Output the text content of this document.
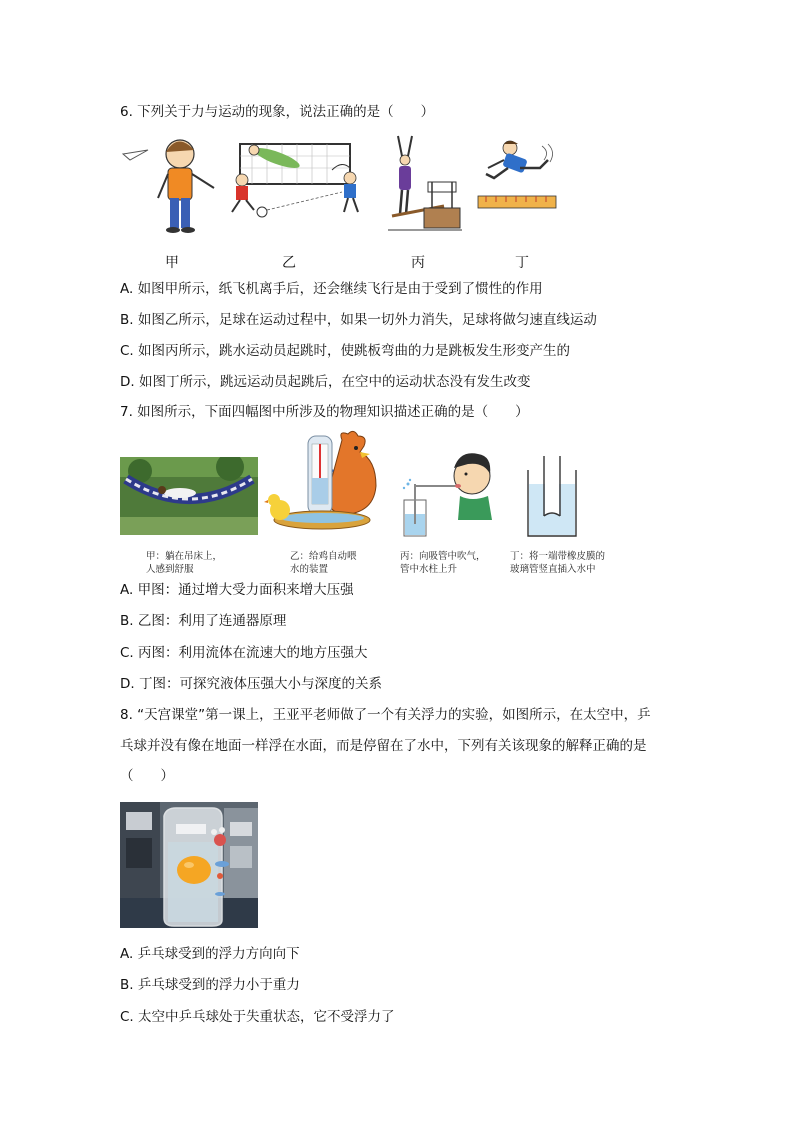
6. 下列关于力与运动的现象，说法正确的是（　　）
甲	乙	丙	丁
A. 如图甲所示，纸飞机离手后，还会继续飞行是由于受到了惯性的作用
B. 如图乙所示，足球在运动过程中，如果一切外力消失，足球将做匀速直线运动
C. 如图丙所示，跳水运动员起跳时，使跳板弯曲的力是跳板发生形变产生的
D. 如图丁所示，跳远运动员起跳后，在空中的运动状态没有发生改变
7. 如图所示，下面四幅图中所涉及的物理知识描述正确的是（　　）
甲：躺在吊床上，
人感到舒服
乙：给鸡自动喂
水的装置
丙：向吸管中吹气，
管中水柱上升
丁：将一端带橡皮膜的
玻璃管竖直插入水中
A. 甲图：通过增大受力面积来增大压强
B. 乙图：利用了连通器原理
C. 丙图：利用流体在流速大的地方压强大
D. 丁图：可探究液体压强大小与深度的关系
8. “天宫课堂”第一课上，王亚平老师做了一个有关浮力的实验，如图所示，在太空中，乒
乓球并没有像在地面一样浮在水面，而是停留在了水中，下列有关该现象的解释正确的是
（　　）
A. 乒乓球受到的浮力方向向下
B. 乒乓球受到的浮力小于重力
C. 太空中乒乓球处于失重状态，它不受浮力了
